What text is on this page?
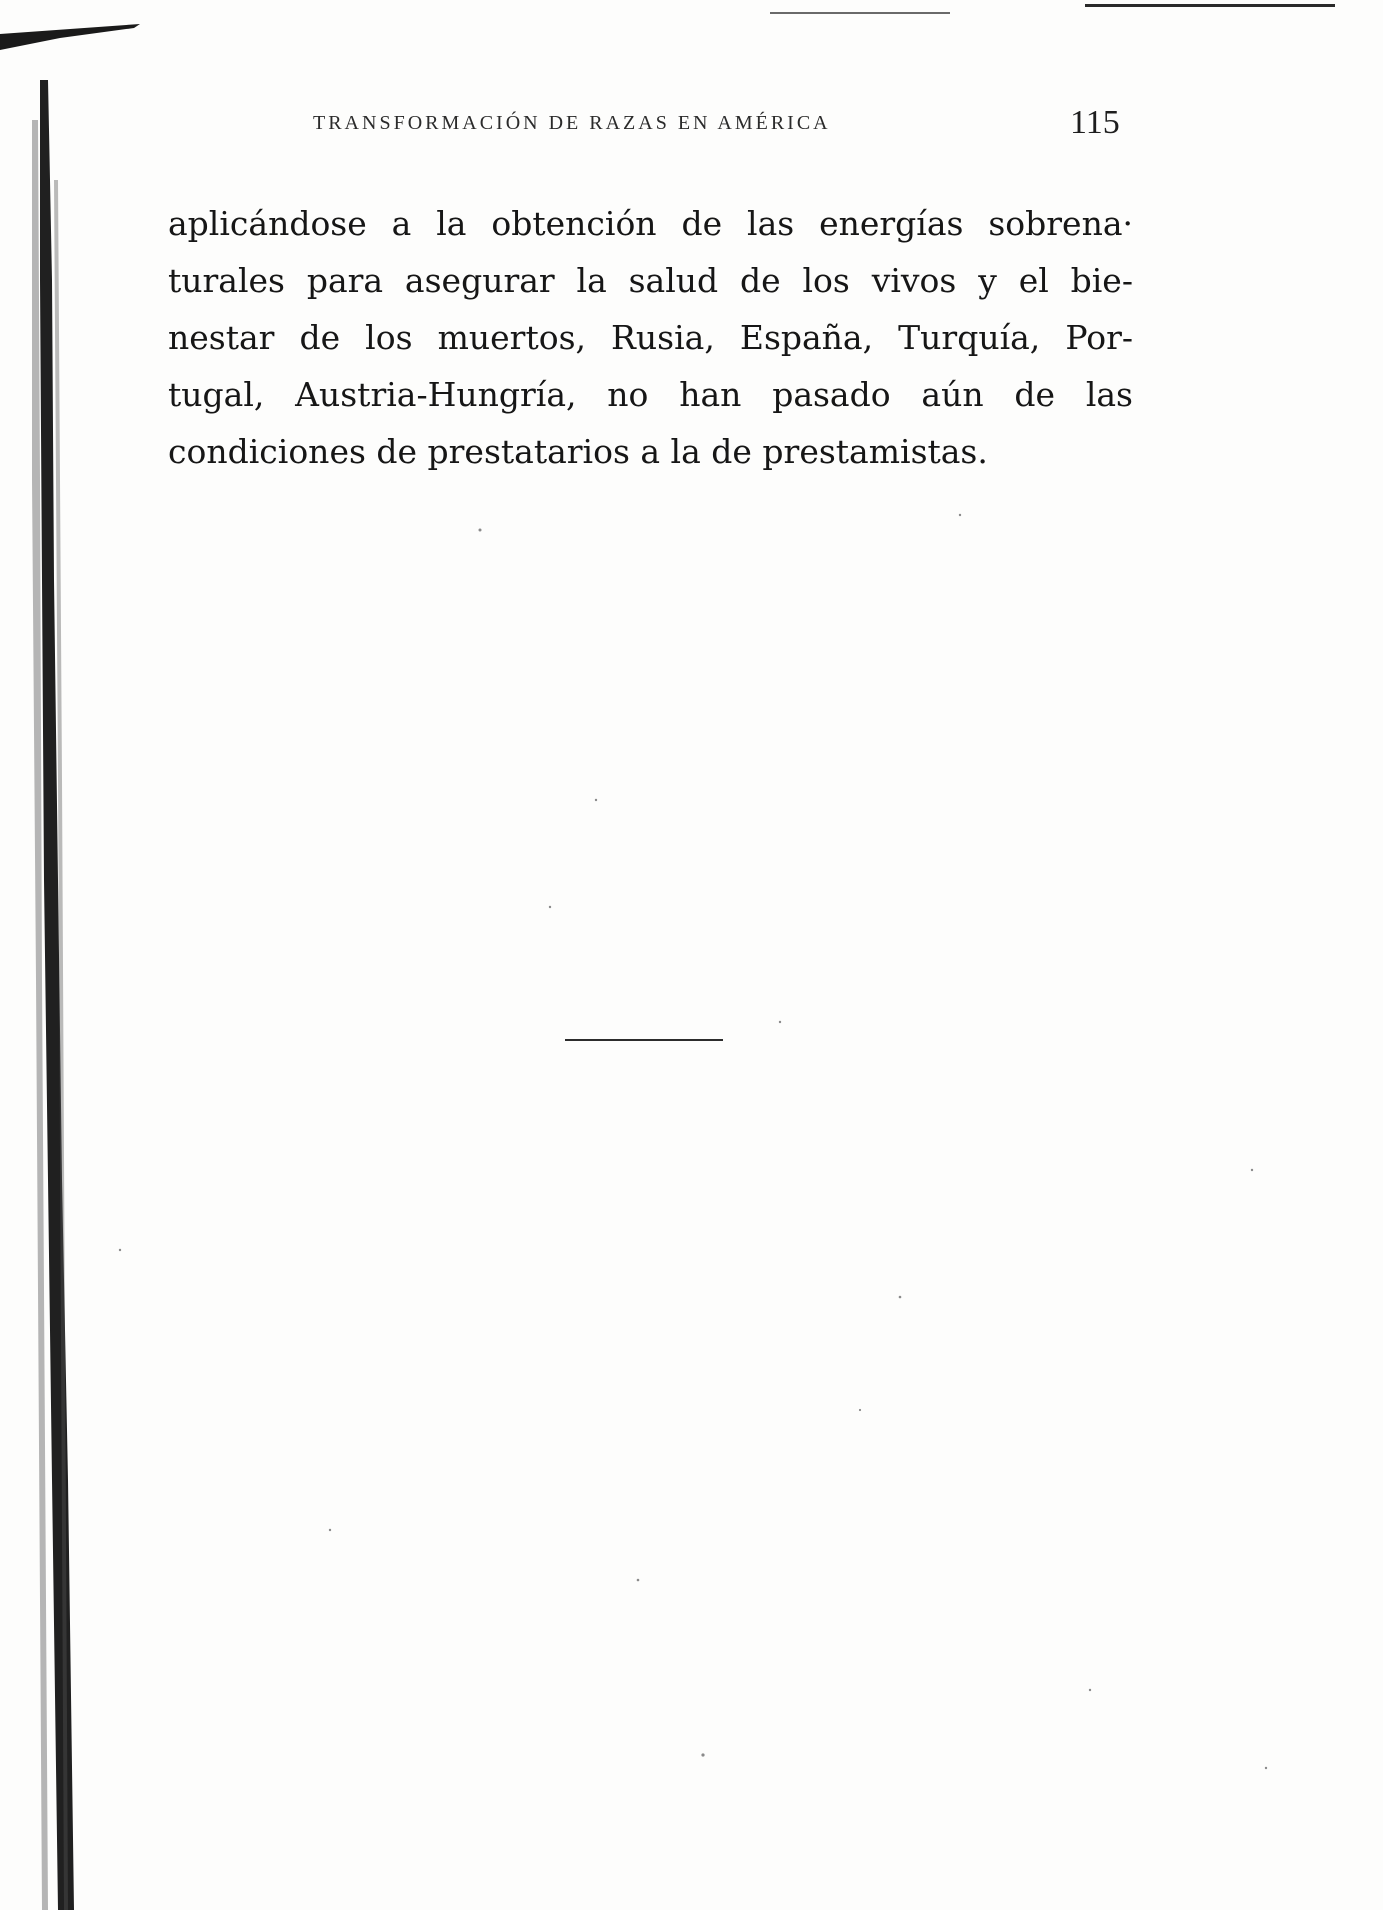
TRANSFORMACIÓN DE RAZAS EN AMÉRICA	115
aplicándose a la obtención de las energías sobrena·
turales para asegurar la salud de los vivos y el bie-
nestar de los muertos, Rusia, España, Turquía, Por-
tugal, Austria-Hungría, no han pasado aún de las
condiciones de prestatarios a la de prestamistas.
